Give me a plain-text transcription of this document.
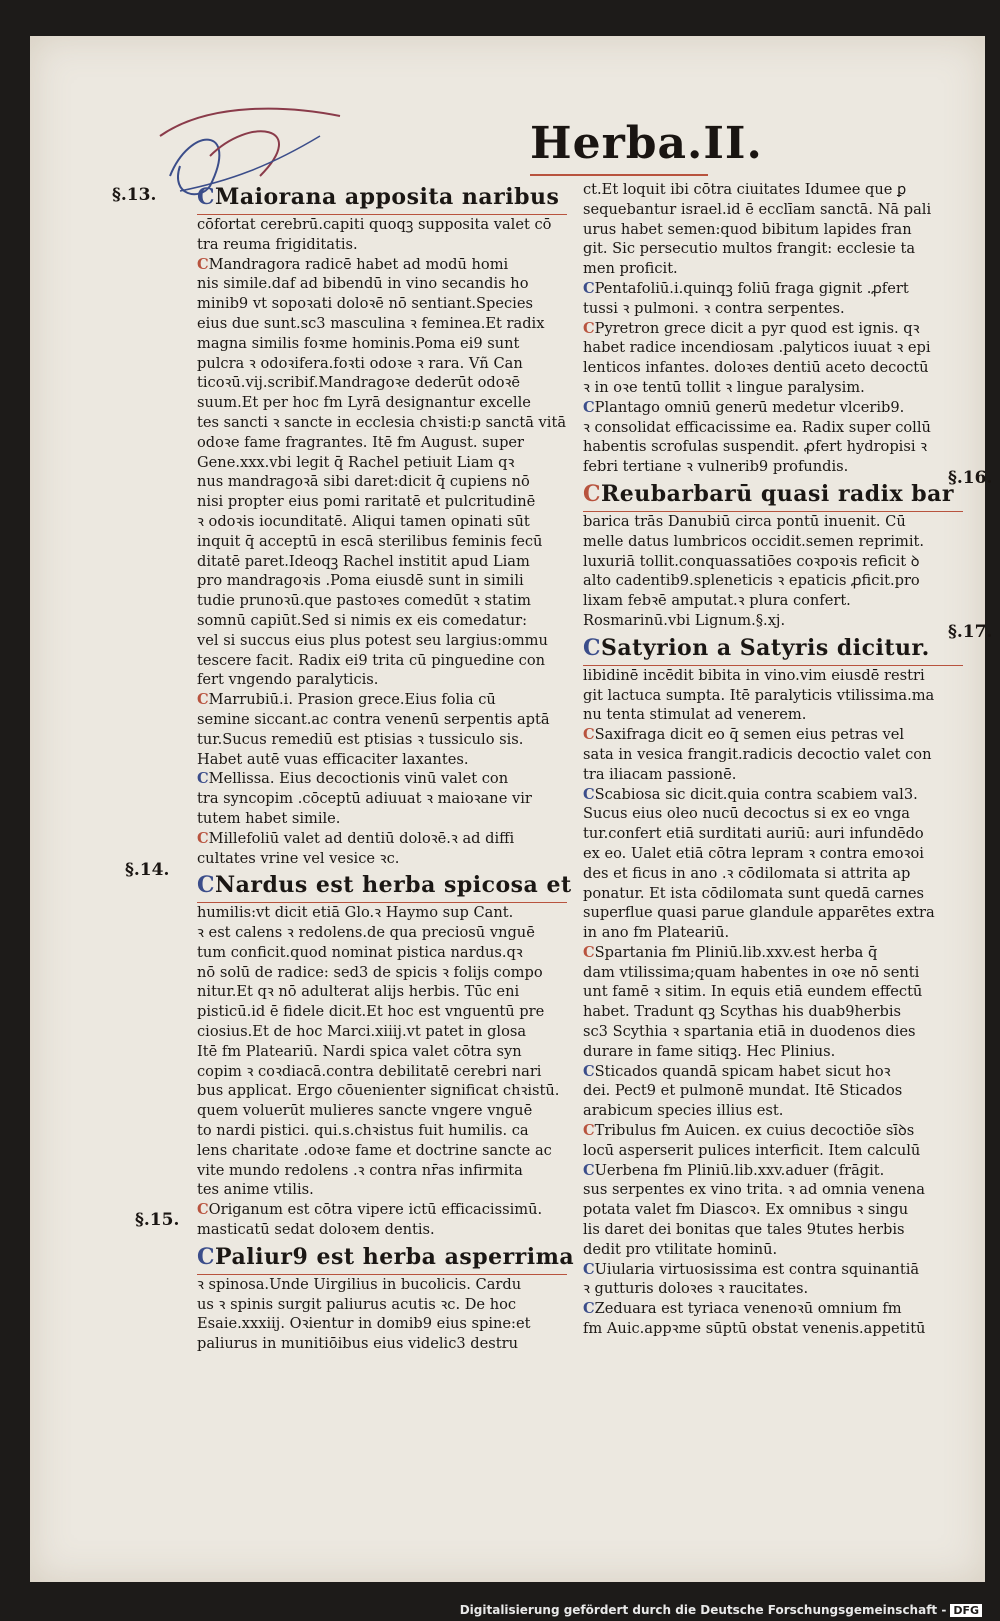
Herba.II.
§.13.
§.14.
§.15.
§.16.
§.17.
CMaiorana apposita naribus
cōfortat cerebrū.capiti quoqꝫ supposita valet cō
tra reuma frigiditatis.
CMandragora radicē habet ad modū homi
nis simile.daf ad bibendū in vino secandis ho
minib9 vt sopoꝛati doloꝛē nō sentiant.Species
eius due sunt.sc3 masculina ꝛ feminea.Et radix
magna similis foꝛme hominis.Poma ei9 sunt
pulcra ꝛ odoꝛifera.foꝛti odoꝛe ꝛ rara. Vñ Can
ticoꝛū.vij.scribif.Mandragoꝛe dederūt odoꝛē
suum.Et per hoc fm Lyrā designantur excelle
tes sancti ꝛ sancte in ecclesia chꝛisti:p sanctā vitā
odoꝛe fame fragrantes. Itē fm August. super
Gene.xxx.vbi legit q̄ Rachel petiuit Liam qꝛ
nus mandragoꝛā sibi daret:dicit q̄ cupiens nō
nisi propter eius pomi raritatē et pulcritudinē
ꝛ odoꝛis iocunditatē. Aliqui tamen opinati sūt
inquit q̄ acceptū in escā sterilibus feminis fecū
ditatē paret.Ideoqꝫ Rachel institit apud Liam
pro mandragoꝛis .Poma eiusdē sunt in simili
tudie prunoꝛū.que pastoꝛes comedūt ꝛ statim
somnū capiūt.Sed si nimis ex eis comedatur:
vel si succus eius plus potest seu largius:ommu
tescere facit. Radix ei9 trita cū pinguedine con
fert vngendo paralyticis.
CMarrubiū.i. Prasion grece.Eius folia cū
semine siccant.ac contra venenū serpentis aptā
tur.Sucus remediū est ptisias ꝛ tussiculo sis.
Habet autē vuas efficaciter laxantes.
CMellissa. Eius decoctionis vinū valet con
tra syncopim .cōceptū adiuuat ꝛ maioꝛane vir
tutem habet simile.
CMillefoliū valet ad dentiū doloꝛē.ꝛ ad diffi
cultates vrine vel vesice ꝛc.
CNardus est herba spicosa et
humilis:vt dicit etiā Glo.ꝛ Haymo sup Cant.
ꝛ est calens ꝛ redolens.de qua preciosū vnguē
tum conficit.quod nominat pistica nardus.qꝛ
nō solū de radice: sed3 de spicis ꝛ folijs compo
nitur.Et qꝛ nō adulterat alijs herbis. Tūc eni
pisticū.id ē fidele dicit.Et hoc est vnguentū pre
ciosius.Et de hoc Marci.xiiij.vt patet in glosa
Itē fm Plateariū. Nardi spica valet cōtra syn
copim ꝛ coꝛdiacā.contra debilitatē cerebri nari
bus applicat. Ergo cōuenienter significat chꝛistū.
quem voluerūt mulieres sancte vngere vnguē
to nardi pistici. qui.s.chꝛistus fuit humilis. ca
lens charitate .odoꝛe fame et doctrine sancte ac
vite mundo redolens .ꝛ contra nr̄as infirmita
tes anime vtilis.
COriganum est cōtra vipere ictū efficacissimū.
masticatū sedat doloꝛem dentis.
CPaliur9 est herba asperrima
ꝛ spinosa.Unde Uirgilius in bucolicis. Cardu
us ꝛ spinis surgit paliurus acutis ꝛc. De hoc
Esaie.xxxiij. Oꝛientur in domib9 eius spine:et
paliurus in munitiōibus eius videlic3 destru
ct.Et loquit ibi cōtra ciuitates Idumee que ꝑ
sequebantur israel.id ē ecclīam sanctā. Nā pali
urus habet semen:quod bibitum lapides fran
git. Sic persecutio multos frangit: ecclesie ta
men proficit.
CPentafoliū.i.quinqꝫ foliū fraga gignit .ꝓfert
tussi ꝛ pulmoni. ꝛ contra serpentes.
CPyretron grece dicit a pyr quod est ignis. qꝛ
habet radice incendiosam .palyticos iuuat ꝛ epi
lenticos infantes. doloꝛes dentiū aceto decoctū
ꝛ in oꝛe tentū tollit ꝛ lingue paralysim.
CPlantago omniū generū medetur vlcerib9.
ꝛ consolidat efficacissime ea. Radix super collū
habentis scrofulas suspendit. ꝓfert hydropisi ꝛ
febri tertiane ꝛ vulnerib9 profundis.
CReubarbarū quasi radix bar
barica trās Danubiū circa pontū inuenit. Cū
melle datus lumbricos occidit.semen reprimit.
luxuriā tollit.conquassatiōes coꝛpoꝛis reficit ꝺ
alto cadentib9.spleneticis ꝛ epaticis ꝓficit.pro
lixam febꝛē amputat.ꝛ plura confert.
Rosmarinū.vbi Lignum.§.xj.
CSatyrion a Satyris dicitur.
libidinē incēdit bibita in vino.vim eiusdē restri
git lactuca sumpta. Itē paralyticis vtilissima.ma
nu tenta stimulat ad venerem.
CSaxifraga dicit eo q̄ semen eius petras vel
sata in vesica frangit.radicis decoctio valet con
tra iliacam passionē.
CScabiosa sic dicit.quia contra scabiem val3.
Sucus eius oleo nucū decoctus si ex eo vnga
tur.confert etiā surditati auriū: auri infundēdo
ex eo. Ualet etiā cōtra lepram ꝛ contra emoꝛoi
des et ficus in ano .ꝛ cōdilomata si attrita ap
ponatur. Et ista cōdilomata sunt quedā carnes
superflue quasi parue glandule apparētes extra
in ano fm Plateariū.
CSpartania fm Pliniū.lib.xxv.est herba q̄
dam vtilissima;quam habentes in oꝛe nō senti
unt famē ꝛ sitim. In equis etiā eundem effectū
habet. Tradunt qꝫ Scythas his duab9herbis
sc3 Scythia ꝛ spartania etiā in duodenos dies
durare in fame sitiqꝫ. Hec Plinius.
CSticados quandā spicam habet sicut hoꝛ
dei. Pect9 et pulmonē mundat. Itē Sticados
arabicum species illius est.
CTribulus fm Auicen. ex cuius decoctiōe sīꝺs
locū asperserit pulices interficit. Item calculū
CUerbena fm Pliniū.lib.xxv.aduer (frāgit.
sus serpentes ex vino trita. ꝛ ad omnia venena
potata valet fm Diascoꝛ. Ex omnibus ꝛ singu
lis daret dei bonitas que tales 9tutes herbis
dedit pro vtilitate hominū.
CUiularia virtuosissima est contra squinantiā
ꝛ gutturis doloꝛes ꝛ raucitates.
CZeduara est tyriaca venenoꝛū omnium fm
fm Auic.appꝛme sūptū obstat venenis.appetitū
Digitalisierung gefördert durch die Deutsche Forschungsgemeinschaft - DFG
